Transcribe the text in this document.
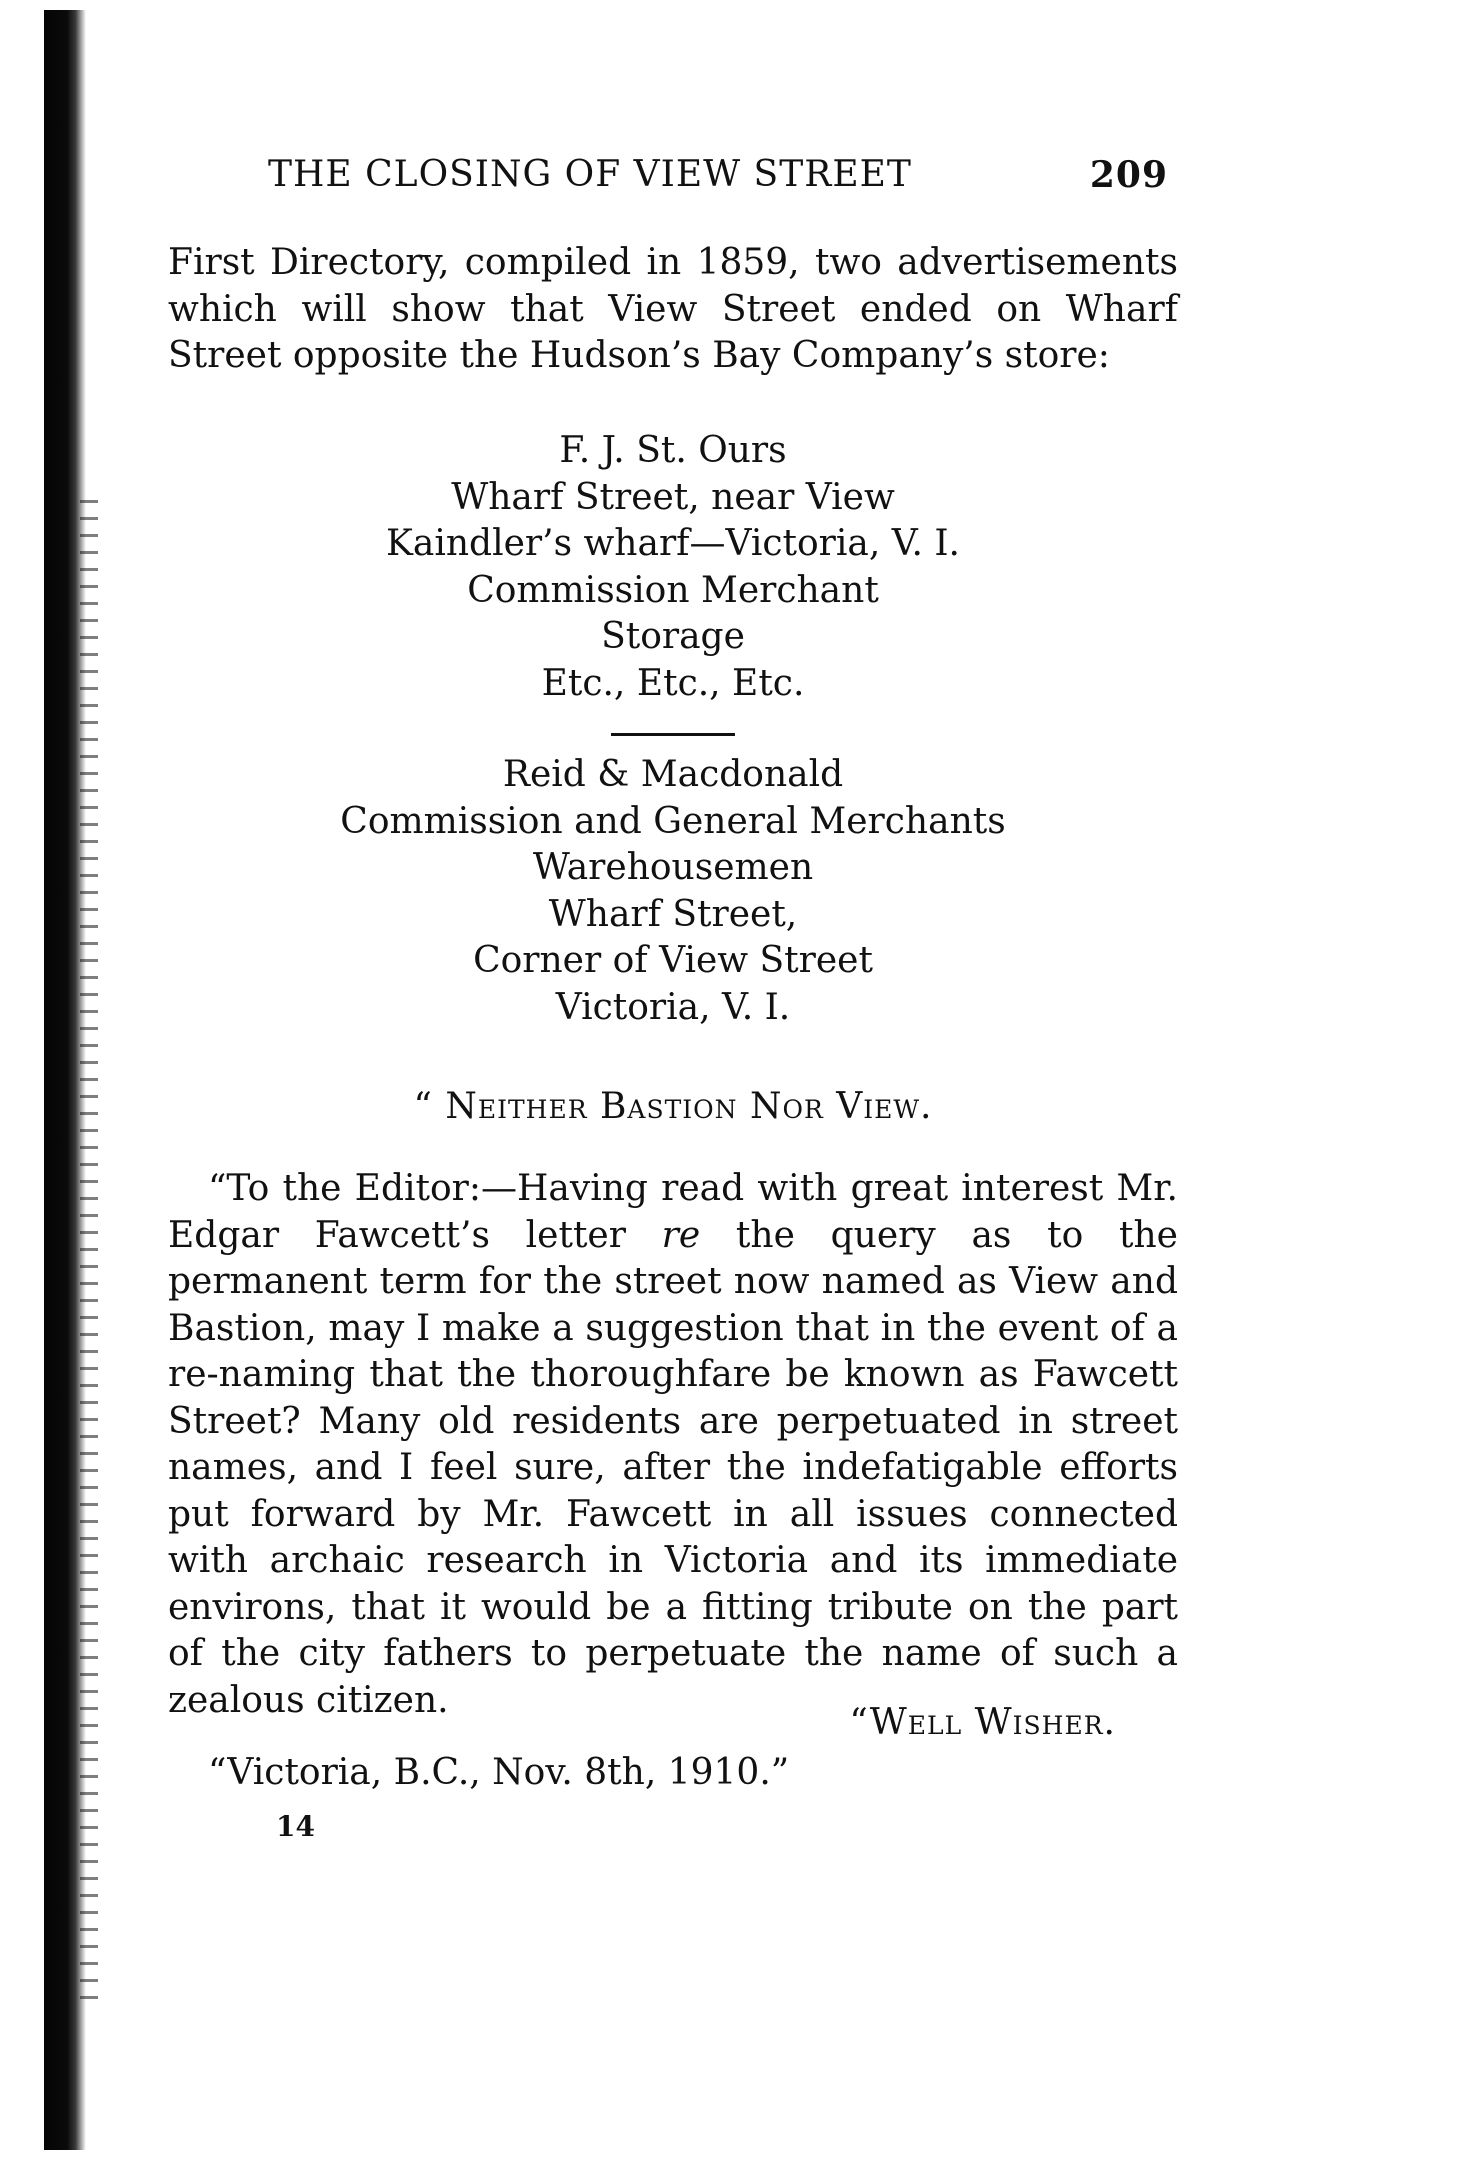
THE CLOSING OF VIEW STREET	209

First Directory, compiled in 1859, two advertisements which will show that View Street ended on Wharf Street opposite the Hudson’s Bay Company’s store:

F. J. St. Ours
Wharf Street, near View
Kaindler’s wharf—Victoria, V. I.
Commission Merchant
Storage
Etc., Etc., Etc.
Reid & Macdonald
Commission and General Merchants
Warehousemen
Wharf Street,
Corner of View Street
Victoria, V. I.
“ Neither Bastion Nor View.

“To the Editor:—Having read with great interest Mr. Edgar Fawcett’s letter re the query as to the permanent term for the street now named as View and Bastion, may I make a suggestion that in the event of a re-naming that the thoroughfare be known as Fawcett Street? Many old residents are perpetuated in street names, and I feel sure, after the indefatigable efforts put forward by Mr. Fawcett in all issues connected with archaic research in Victoria and its immediate environs, that it would be a fitting tribute on the part of the city fathers to perpetuate the name of such a zealous citizen.

“Well Wisher.
“Victoria, B.C., Nov. 8th, 1910.”
14
